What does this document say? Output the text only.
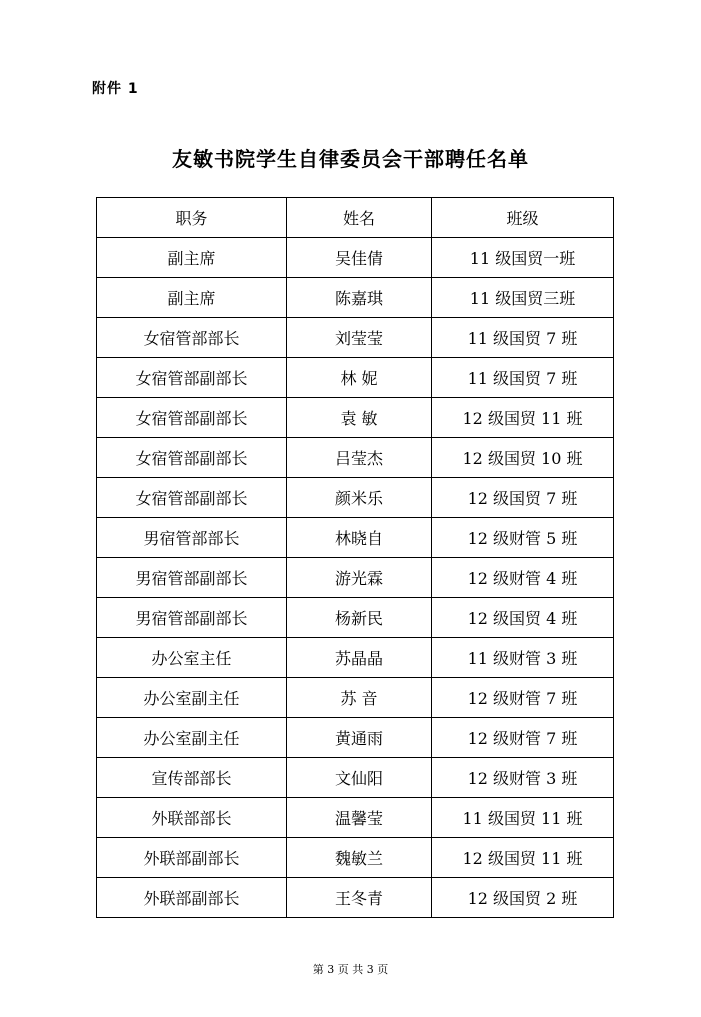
附件 1
友敏书院学生自律委员会干部聘任名单
职务	姓名	班级
副主席	吴佳倩	11 级国贸一班
副主席	陈嘉琪	11 级国贸三班
女宿管部部长	刘莹莹	11 级国贸 7 班
女宿管部副部长	林 妮	11 级国贸 7 班
女宿管部副部长	袁 敏	12 级国贸 11 班
女宿管部副部长	吕莹杰	12 级国贸 10 班
女宿管部副部长	颜米乐	12 级国贸 7 班
男宿管部部长	林晓自	12 级财管 5 班
男宿管部副部长	游光霖	12 级财管 4 班
男宿管部副部长	杨新民	12 级国贸 4 班
办公室主任	苏晶晶	11 级财管 3 班
办公室副主任	苏 音	12 级财管 7 班
办公室副主任	黄通雨	12 级财管 7 班
宣传部部长	文仙阳	12 级财管 3 班
外联部部长	温馨莹	11 级国贸 11 班
外联部副部长	魏敏兰	12 级国贸 11 班
外联部副部长	王冬青	12 级国贸 2 班
第 3 页 共 3 页
